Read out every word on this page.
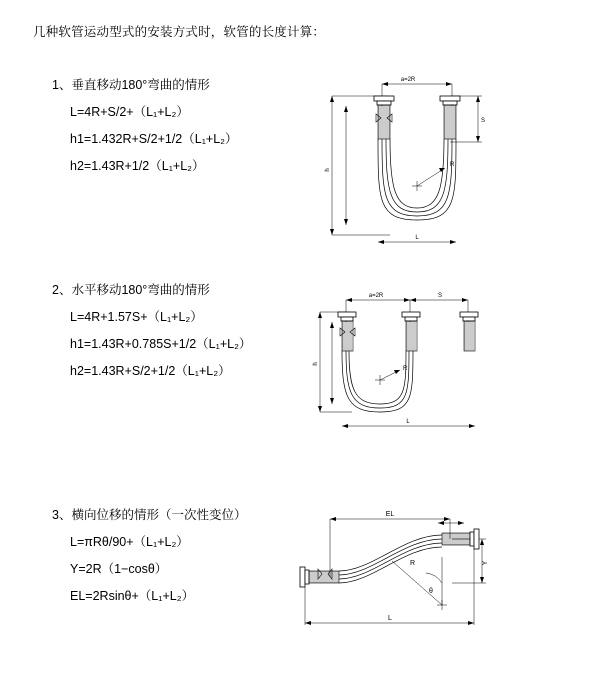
几种软管运动型式的安装方式时，软管的长度计算：

1、垂直移动180°弯曲的情形

L=4R+S/2+（L₁+L₂）

h1=1.432R+S/2+1/2（L₁+L₂）

h2=1.43R+1/2（L₁+L₂）

a=2R
h
S
R
L

2、水平移动180°弯曲的情形

L=4R+1.57S+（L₁+L₂）

h1=1.43R+0.785S+1/2（L₁+L₂）

h2=1.43R+S/2+1/2（L₁+L₂）

a=2R	S
h
R
L

3、横向位移的情形（一次性变位）

L=πRθ/90+（L₁+L₂）

Y=2R（1−cosθ）

EL=2Rsinθ+（L₁+L₂）

EL
Y
θ
R
L
